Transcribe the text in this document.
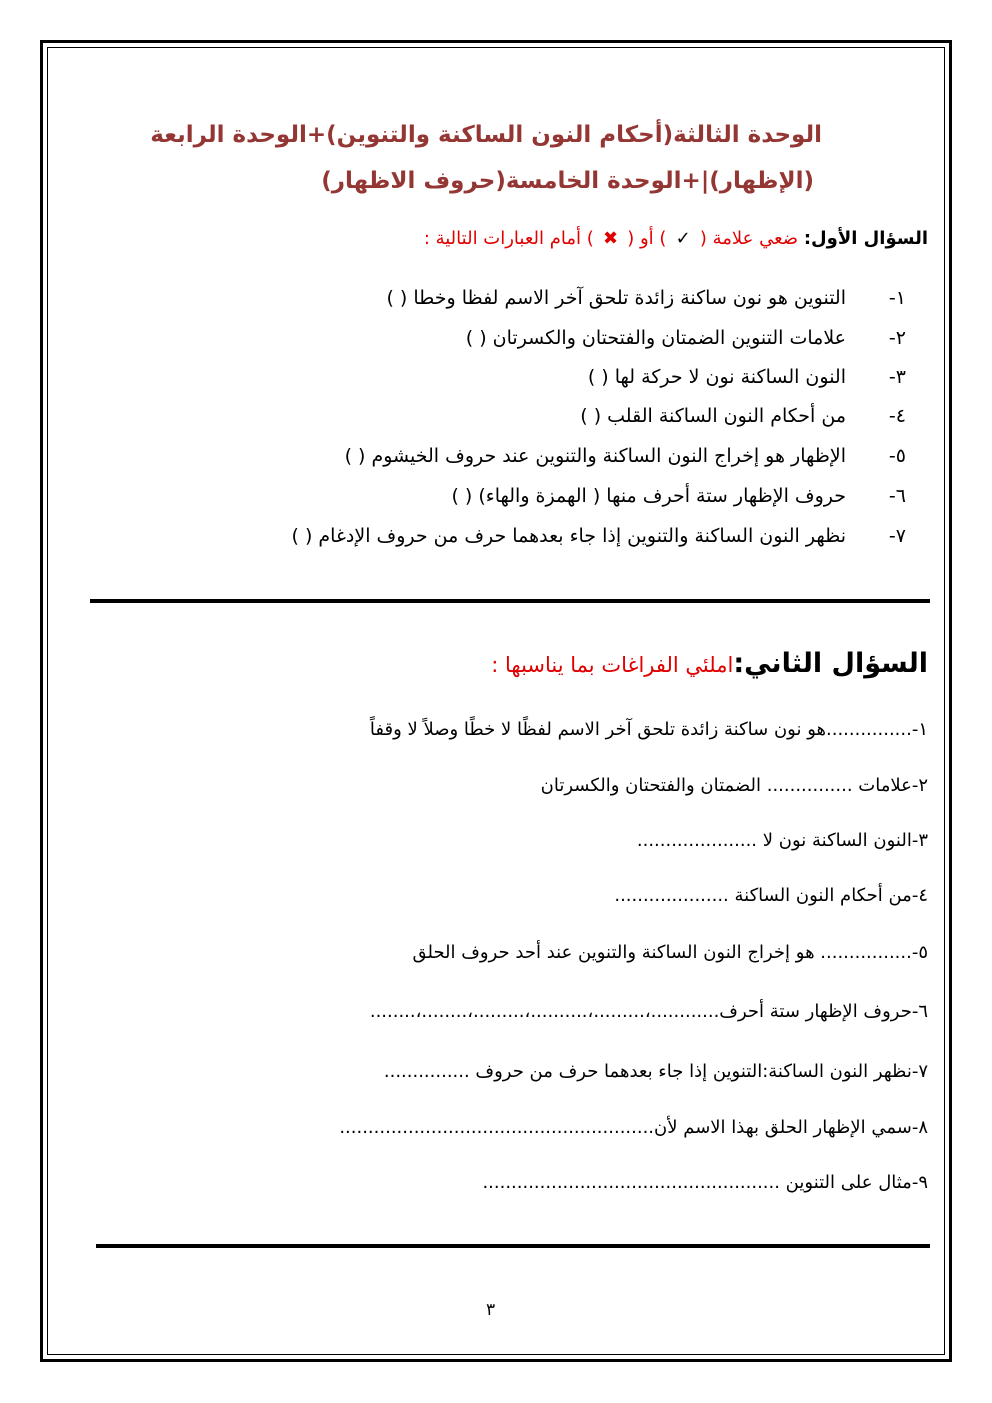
الوحدة الثالثة(أحكام النون الساكنة والتنوين)+الوحدة الرابعة
(الإظهار)|+الوحدة الخامسة(حروف الاظهار)
السؤال الأول: ضعي علامة ( ✓ ) أو ( ✖ ) أمام العبارات التالية :
١-التنوين هو نون ساكنة زائدة تلحق آخر الاسم لفظا وخطا ( )
٢-علامات التنوين الضمتان والفتحتان والكسرتان ( )
٣-النون الساكنة نون لا حركة لها ( )
٤-من أحكام النون الساكنة القلب ( )
٥-الإظهار هو إخراج النون الساكنة والتنوين عند حروف الخيشوم ( )
٦-حروف الإظهار ستة أحرف منها ( الهمزة والهاء) ( )
٧-نظهر النون الساكنة والتنوين إذا جاء بعدهما حرف من حروف الإدغام ( )
السؤال الثاني:املئي الفراغات بما يناسبها :
١-...............هو نون ساكنة زائدة تلحق آخر الاسم لفظًا لا خطًا وصلاً لا وقفاً
٢-علامات ............... الضمتان والفتحتان والكسرتان
٣-النون الساكنة نون لا .....................
٤-من أحكام النون الساكنة ....................
٥-................ هو إخراج النون الساكنة والتنوين عند أحد حروف الحلق
٦-حروف الإظهار ستة أحرف............،.........،..........،.........،........،........
٧-نظهر النون الساكنة:التنوين إذا جاء بعدهما حرف من حروف ...............
٨-سمي الإظهار الحلق بهذا الاسم لأن.......................................................
٩-مثال على التنوين ....................................................
٣
